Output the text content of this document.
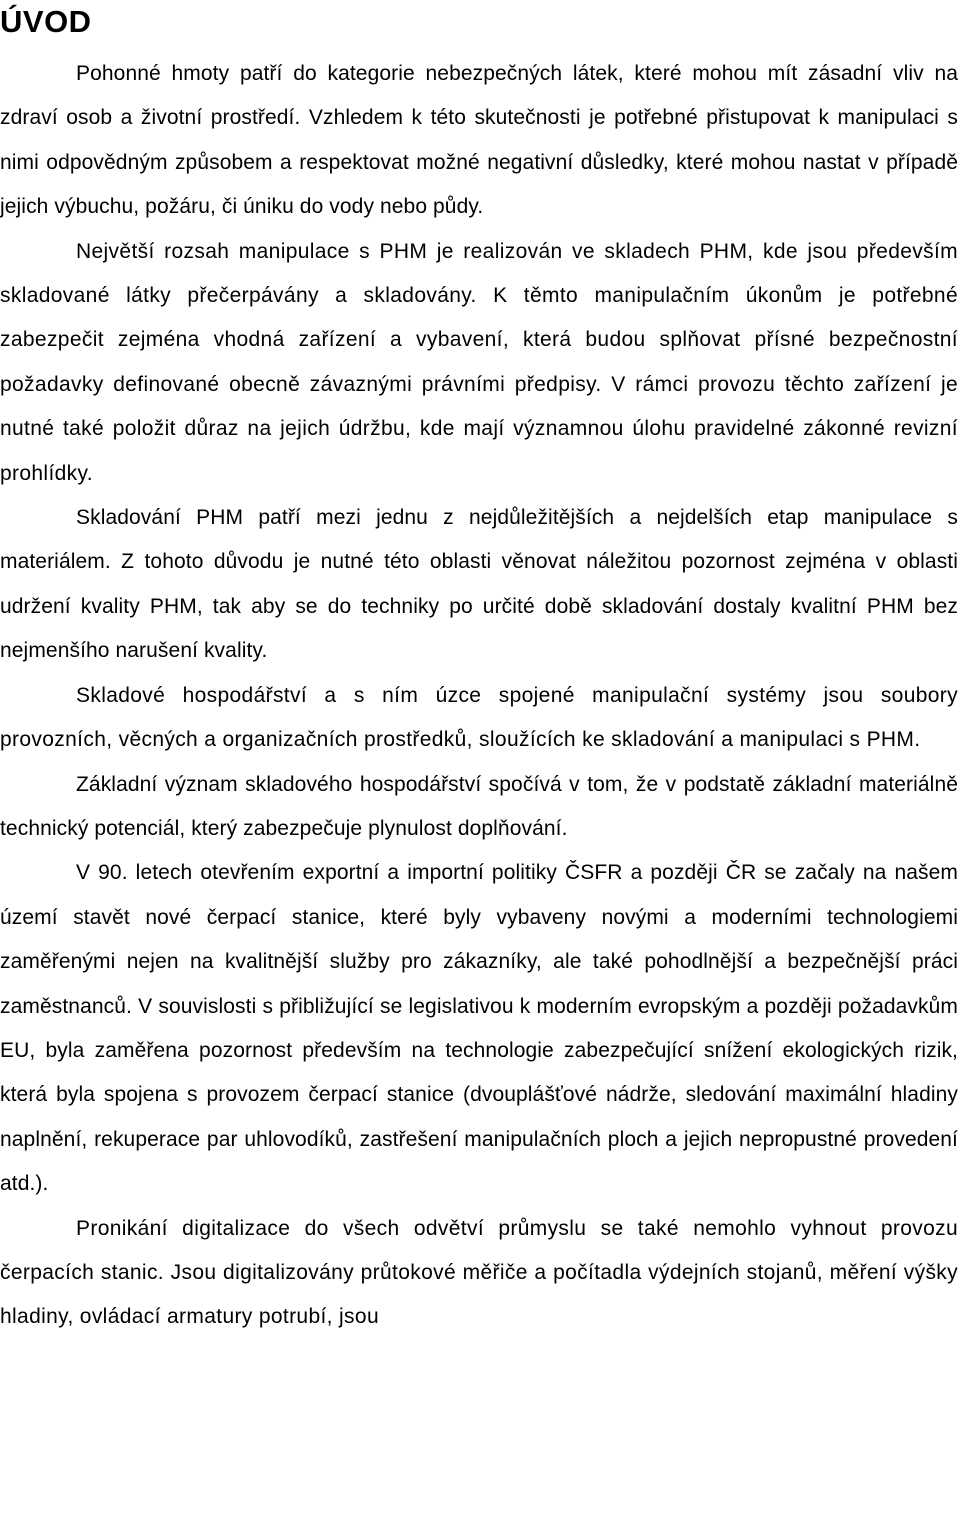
ÚVOD

Pohonné hmoty patří do kategorie nebezpečných látek, které mohou mít zásadní vliv na zdraví osob a životní prostředí. Vzhledem k této skutečnosti je potřebné přistupovat k manipulaci s nimi odpovědným způsobem a respektovat možné negativní důsledky, které mohou nastat v případě jejich výbuchu, požáru, či úniku do vody nebo půdy.

Největší rozsah manipulace s PHM je realizován ve skladech PHM, kde jsou především skladované látky přečerpávány a skladovány. K těmto manipulačním úkonům je potřebné zabezpečit zejména vhodná zařízení a vybavení, která budou splňovat přísné bezpečnostní požadavky definované obecně závaznými právními předpisy. V rámci provozu těchto zařízení je nutné také položit důraz na jejich údržbu, kde mají významnou úlohu pravidelné zákonné revizní prohlídky.

Skladování PHM patří mezi jednu z nejdůležitějších a nejdelších etap manipulace s materiálem. Z tohoto důvodu je nutné této oblasti věnovat náležitou pozornost zejména v oblasti udržení kvality PHM, tak aby se do techniky po určité době skladování dostaly kvalitní PHM bez nejmenšího narušení kvality.

Skladové hospodářství a s ním úzce spojené manipulační systémy jsou soubory provozních, věcných a organizačních prostředků, sloužících ke skladování a manipulaci s PHM.

Základní význam skladového hospodářství spočívá v tom, že v podstatě základní materiálně technický potenciál, který zabezpečuje plynulost doplňování.

V 90. letech otevřením exportní a importní politiky ČSFR a později ČR se začaly na našem území stavět nové čerpací stanice, které byly vybaveny novými a moderními technologiemi zaměřenými nejen na kvalitnější služby pro zákazníky, ale také pohodlnější a bezpečnější práci zaměstnanců. V souvislosti s přibližující se legislativou k moderním evropským a později požadavkům EU, byla zaměřena pozornost především na technologie zabezpečující snížení ekologických rizik, která byla spojena s provozem čerpací stanice (dvouplášťové nádrže, sledování maximální hladiny naplnění, rekuperace par uhlovodíků, zastřešení manipulačních ploch a jejich nepropustné provedení atd.).

Pronikání digitalizace do všech odvětví průmyslu se také nemohlo vyhnout provozu čerpacích stanic. Jsou digitalizovány průtokové měřiče a počítadla výdejních stojanů, měření výšky hladiny, ovládací armatury potrubí, jsou
